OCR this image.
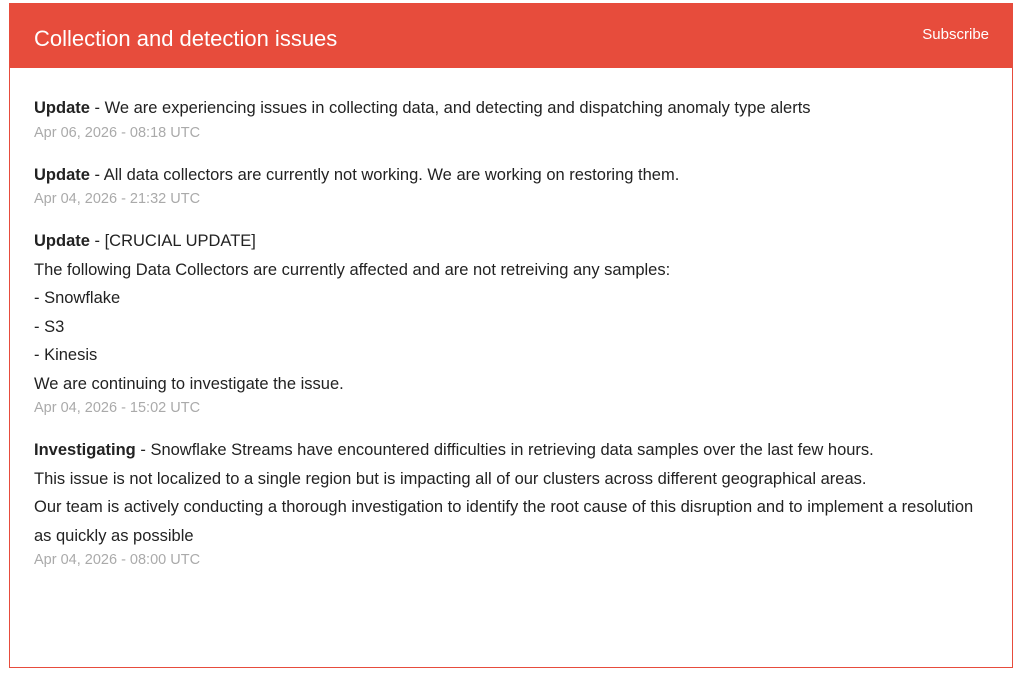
Collection and detection issues	Subscribe
Update - We are experiencing issues in collecting data, and detecting and dispatching anomaly type alerts
Apr 06, 2026 - 08:18 UTC
Update - All data collectors are currently not working. We are working on restoring them.
Apr 04, 2026 - 21:32 UTC
Update - [CRUCIAL UPDATE]
The following Data Collectors are currently affected and are not retreiving any samples:
- Snowflake
- S3
- Kinesis
We are continuing to investigate the issue.
Apr 04, 2026 - 15:02 UTC
Investigating - Snowflake Streams have encountered difficulties in retrieving data samples over the last few hours.
This issue is not localized to a single region but is impacting all of our clusters across different geographical areas.
Our team is actively conducting a thorough investigation to identify the root cause of this disruption and to implement a resolution as quickly as possible
Apr 04, 2026 - 08:00 UTC
